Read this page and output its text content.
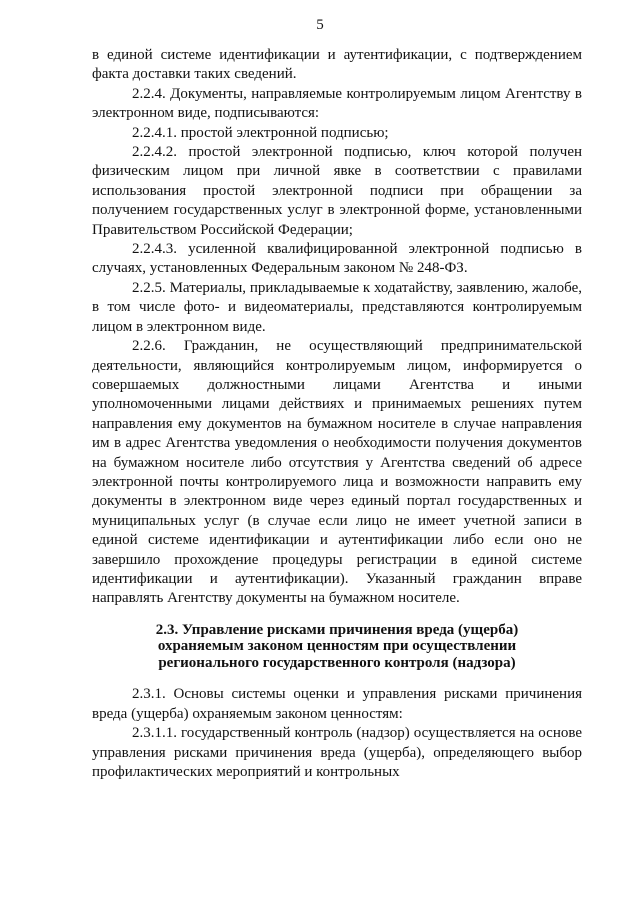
5

в единой системе идентификации и аутентификации, с подтверждением факта доставки таких сведений.

2.2.4. Документы, направляемые контролируемым лицом Агентству в электронном виде, подписываются:

2.2.4.1. простой электронной подписью;

2.2.4.2. простой электронной подписью, ключ которой получен физическим лицом при личной явке в соответствии с правилами использования простой электронной подписи при обращении за получением государственных услуг в электронной форме, установленными Правительством Российской Федерации;

2.2.4.3. усиленной квалифицированной электронной подписью в случаях, установленных Федеральным законом № 248-ФЗ.

2.2.5. Материалы, прикладываемые к ходатайству, заявлению, жалобе, в том числе фото- и видеоматериалы, представляются контролируемым лицом в электронном виде.

2.2.6. Гражданин, не осуществляющий предпринимательской деятельности, являющийся контролируемым лицом, информируется о совершаемых должностными лицами Агентства и иными уполномоченными лицами действиях и принимаемых решениях путем направления ему документов на бумажном носителе в случае направления им в адрес Агентства уведомления о необходимости получения документов на бумажном носителе либо отсутствия у Агентства сведений об адресе электронной почты контролируемого лица и возможности направить ему документы в электронном виде через единый портал государственных и муниципальных услуг (в случае если лицо не имеет учетной записи в единой системе идентификации и аутентификации либо если оно не завершило прохождение процедуры регистрации в единой системе идентификации и аутентификации). Указанный гражданин вправе направлять Агентству документы на бумажном носителе.

2.3. Управление рисками причинения вреда (ущерба)
охраняемым законом ценностям при осуществлении
регионального государственного контроля (надзора)

2.3.1. Основы системы оценки и управления рисками причинения вреда (ущерба) охраняемым законом ценностям:

2.3.1.1. государственный контроль (надзор) осуществляется на основе управления рисками причинения вреда (ущерба), определяющего выбор профилактических мероприятий и контрольных
